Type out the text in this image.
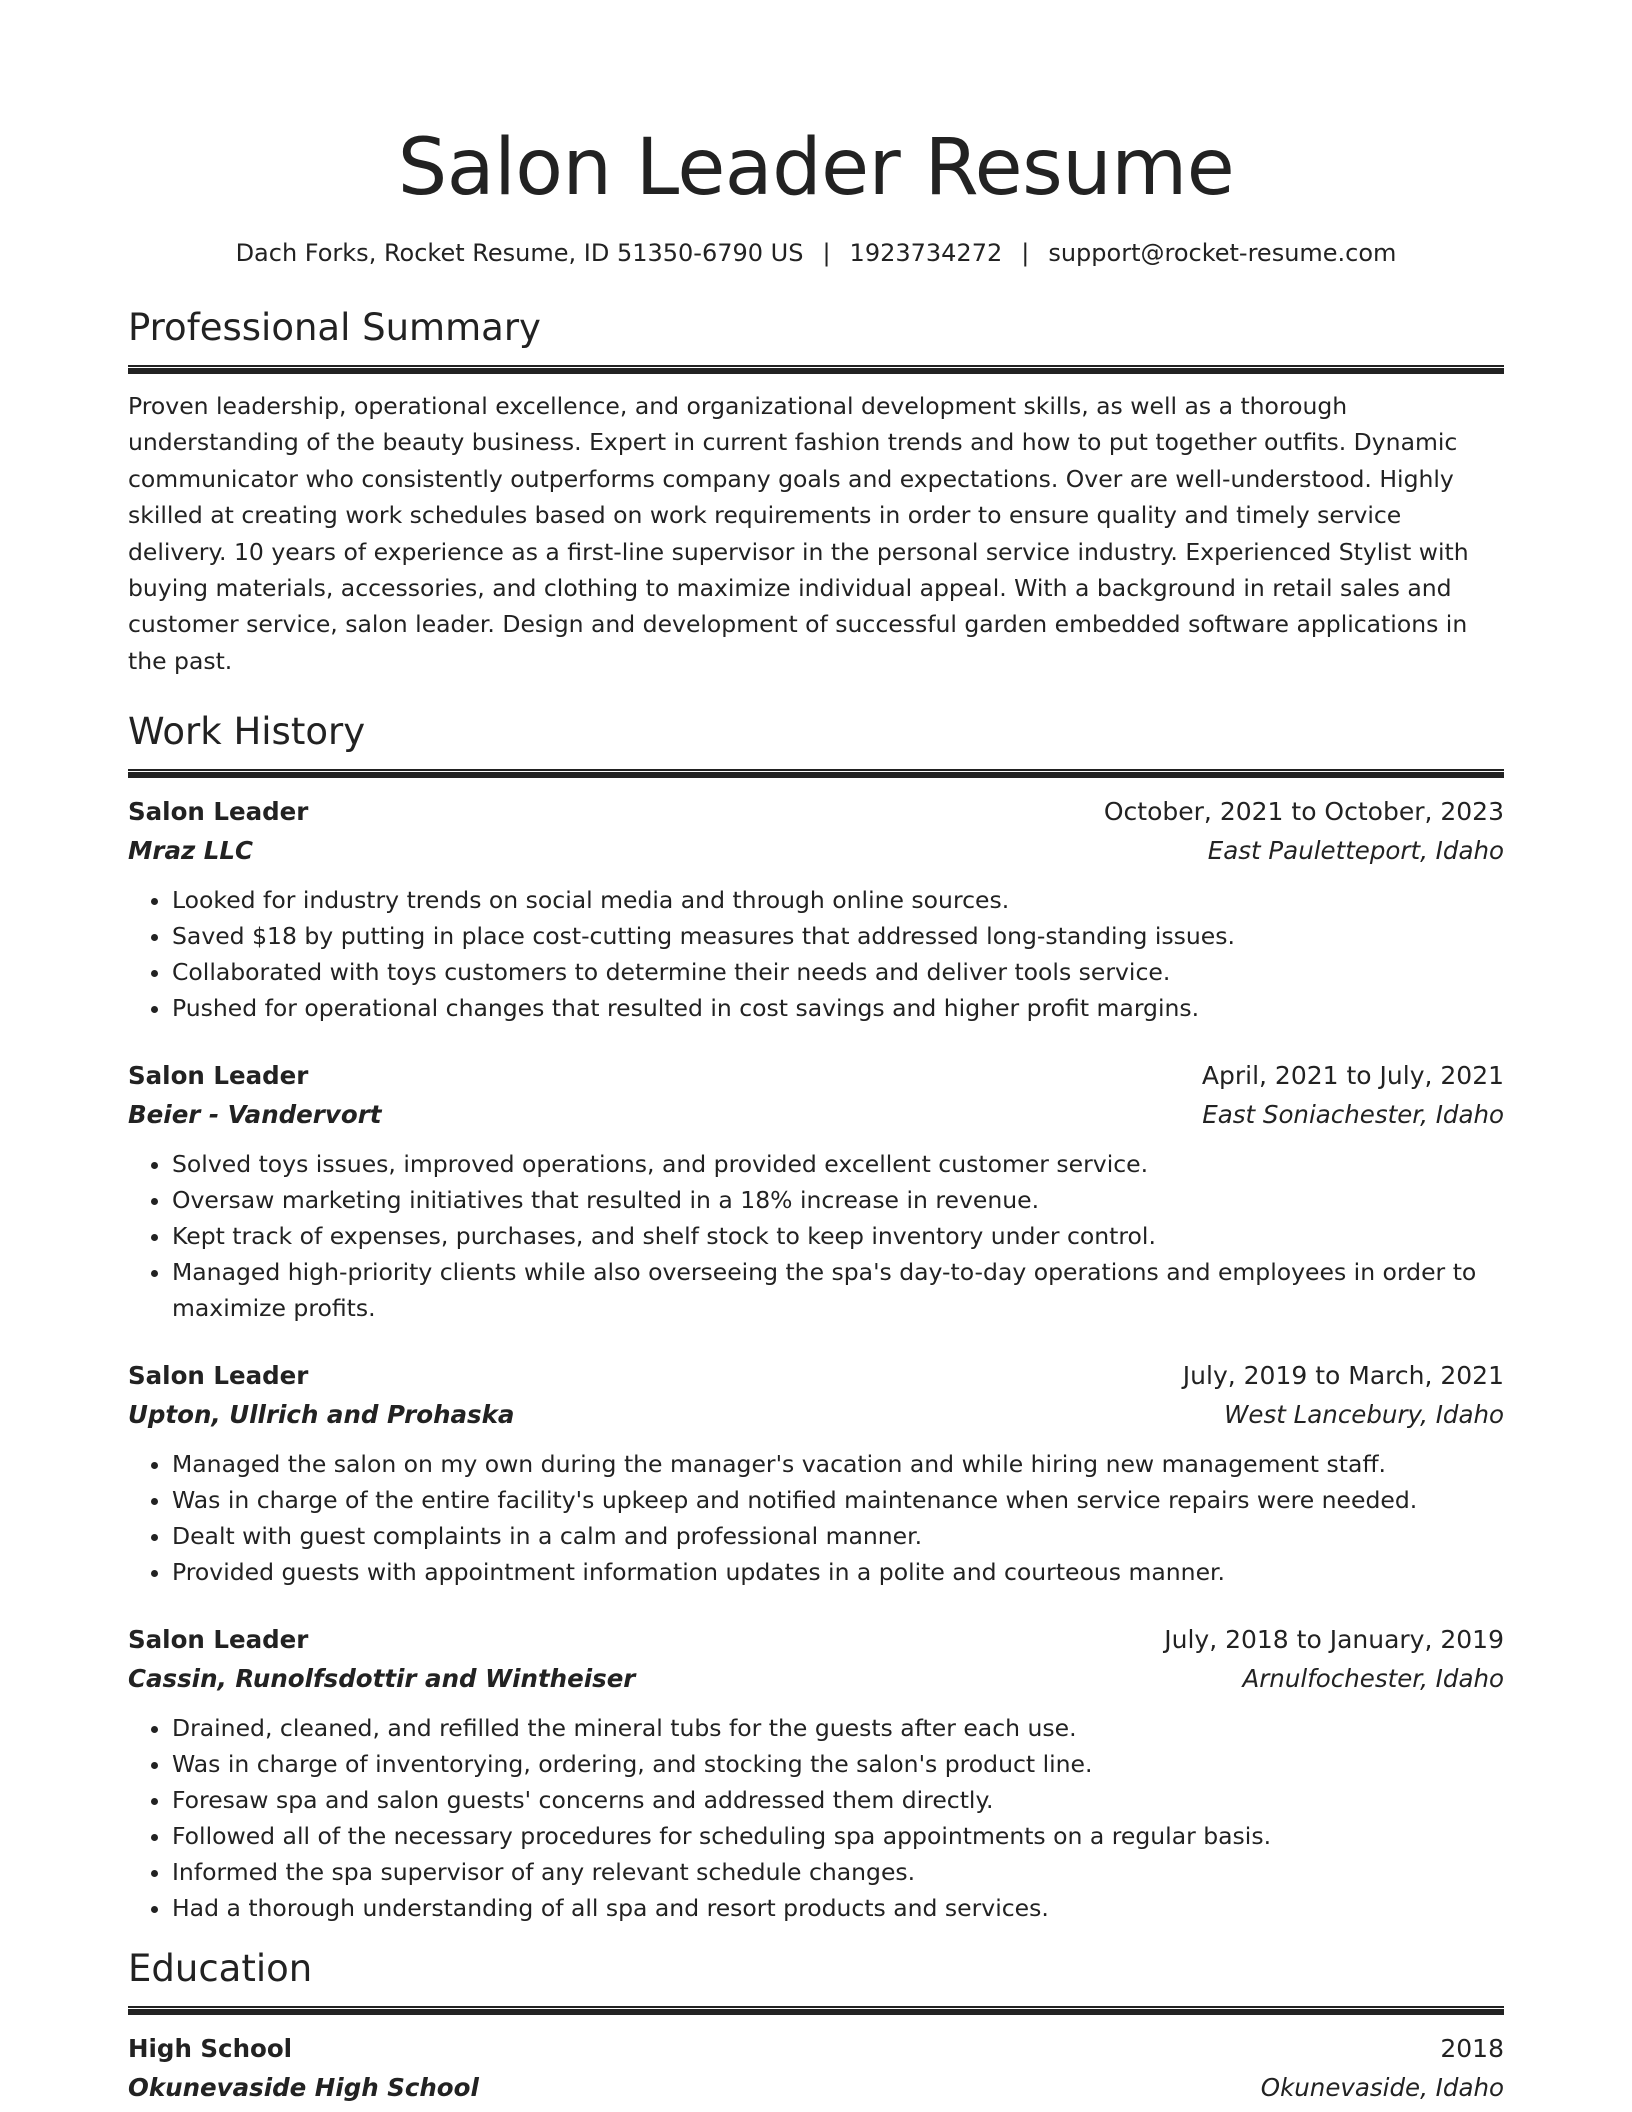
Salon Leader Resume
Dach Forks, Rocket Resume, ID 51350-6790 US | 1923734272 | support@rocket-resume.com
Professional Summary

Proven leadership, operational excellence, and organizational development skills, as well as a thorough understanding of the beauty business. Expert in current fashion trends and how to put together outfits. Dynamic communicator who consistently outperforms company goals and expectations. Over are well-understood. Highly skilled at creating work schedules based on work requirements in order to ensure quality and timely service delivery. 10 years of experience as a first-line supervisor in the personal service industry. Experienced Stylist with buying materials, accessories, and clothing to maximize individual appeal. With a background in retail sales and customer service, salon leader. Design and development of successful garden embedded software applications in the past.

Work History
Salon Leader	October, 2021 to October, 2023
Mraz LLC	East Pauletteport, Idaho
• Looked for industry trends on social media and through online sources.
• Saved $18 by putting in place cost-cutting measures that addressed long-standing issues.
• Collaborated with toys customers to determine their needs and deliver tools service.
• Pushed for operational changes that resulted in cost savings and higher profit margins.
Salon Leader	April, 2021 to July, 2021
Beier - Vandervort	East Soniachester, Idaho
• Solved toys issues, improved operations, and provided excellent customer service.
• Oversaw marketing initiatives that resulted in a 18% increase in revenue.
• Kept track of expenses, purchases, and shelf stock to keep inventory under control.
• Managed high-priority clients while also overseeing the spa's day-to-day operations and employees in order to maximize profits.
Salon Leader	July, 2019 to March, 2021
Upton, Ullrich and Prohaska	West Lancebury, Idaho
• Managed the salon on my own during the manager's vacation and while hiring new management staff.
• Was in charge of the entire facility's upkeep and notified maintenance when service repairs were needed.
• Dealt with guest complaints in a calm and professional manner.
• Provided guests with appointment information updates in a polite and courteous manner.
Salon Leader	July, 2018 to January, 2019
Cassin, Runolfsdottir and Wintheiser	Arnulfochester, Idaho
• Drained, cleaned, and refilled the mineral tubs for the guests after each use.
• Was in charge of inventorying, ordering, and stocking the salon's product line.
• Foresaw spa and salon guests' concerns and addressed them directly.
• Followed all of the necessary procedures for scheduling spa appointments on a regular basis.
• Informed the spa supervisor of any relevant schedule changes.
• Had a thorough understanding of all spa and resort products and services.
Education
High School	2018
Okunevaside High School	Okunevaside, Idaho
